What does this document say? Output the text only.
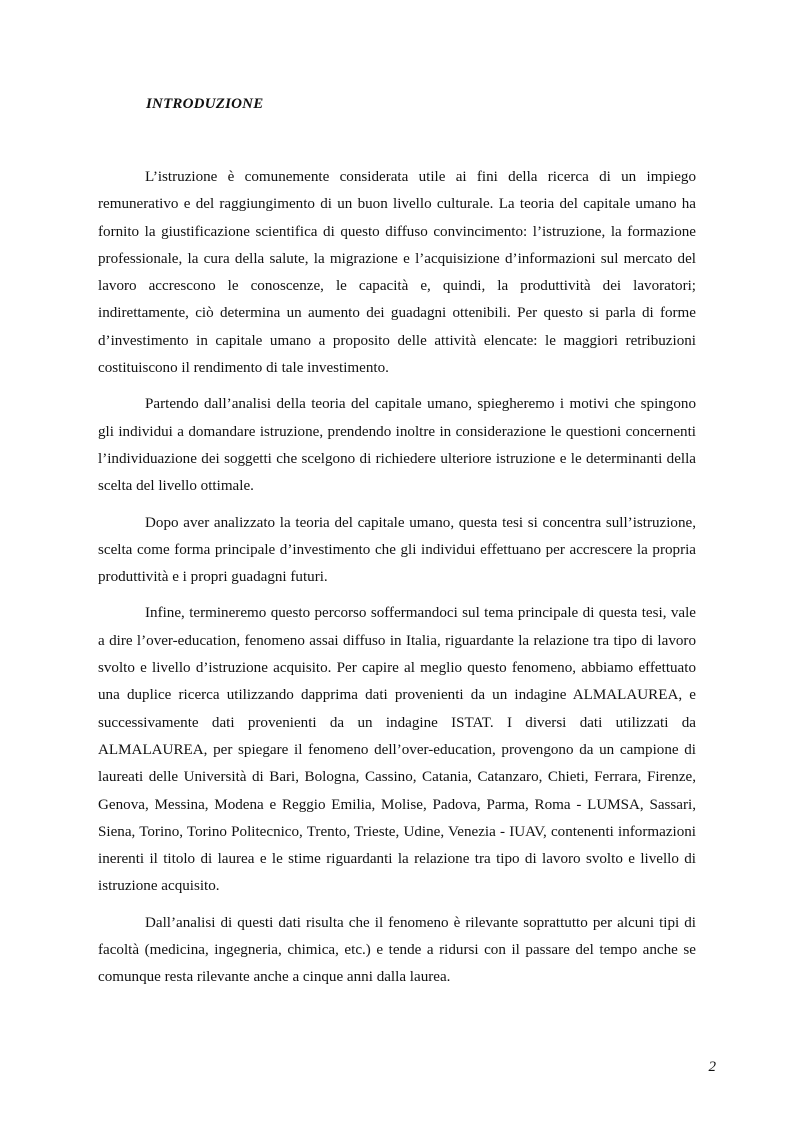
INTRODUZIONE

L’istruzione è comunemente considerata utile ai fini della ricerca di un impiego remunerativo e del raggiungimento di un buon livello culturale. La teoria del capitale umano ha fornito la giustificazione scientifica di questo diffuso convincimento: l’istruzione, la formazione professionale, la cura della salute, la migrazione e l’acquisizione d’informazioni sul mercato del lavoro accrescono le conoscenze, le capacità e, quindi, la produttività dei lavoratori; indirettamente, ciò determina un aumento dei guadagni ottenibili. Per questo si parla di forme d’investimento in capitale umano a proposito delle attività elencate: le maggiori retribuzioni costituiscono il rendimento di tale investimento.

Partendo dall’analisi della teoria del capitale umano, spiegheremo i motivi che spingono gli individui a domandare istruzione, prendendo inoltre in considerazione le questioni concernenti l’individuazione dei soggetti che scelgono di richiedere ulteriore istruzione e le determinanti della scelta del livello ottimale.

Dopo aver analizzato la teoria del capitale umano, questa tesi si concentra sull’istruzione, scelta come forma principale d’investimento che gli individui effettuano per accrescere la propria produttività e i propri guadagni futuri.

Infine, termineremo questo percorso soffermandoci sul tema principale di questa tesi, vale a dire l’over-education, fenomeno assai diffuso in Italia, riguardante la relazione tra tipo di lavoro svolto e livello d’istruzione acquisito. Per capire al meglio questo fenomeno, abbiamo effettuato una duplice ricerca utilizzando dapprima dati provenienti da un indagine ALMALAUREA, e successivamente dati provenienti da un indagine ISTAT. I diversi dati utilizzati da ALMALAUREA, per spiegare il fenomeno dell’over-education, provengono da un campione di laureati delle Università di Bari, Bologna, Cassino, Catania, Catanzaro, Chieti, Ferrara, Firenze, Genova, Messina, Modena e Reggio Emilia, Molise, Padova, Parma, Roma - LUMSA, Sassari, Siena, Torino, Torino Politecnico, Trento, Trieste, Udine, Venezia - IUAV, contenenti informazioni inerenti il titolo di laurea e le stime riguardanti la relazione tra tipo di lavoro svolto e livello di istruzione acquisito.

Dall’analisi di questi dati risulta che il fenomeno è rilevante soprattutto per alcuni tipi di facoltà (medicina, ingegneria, chimica, etc.) e tende a ridursi con il passare del tempo anche se comunque resta rilevante anche a cinque anni dalla laurea.

2
